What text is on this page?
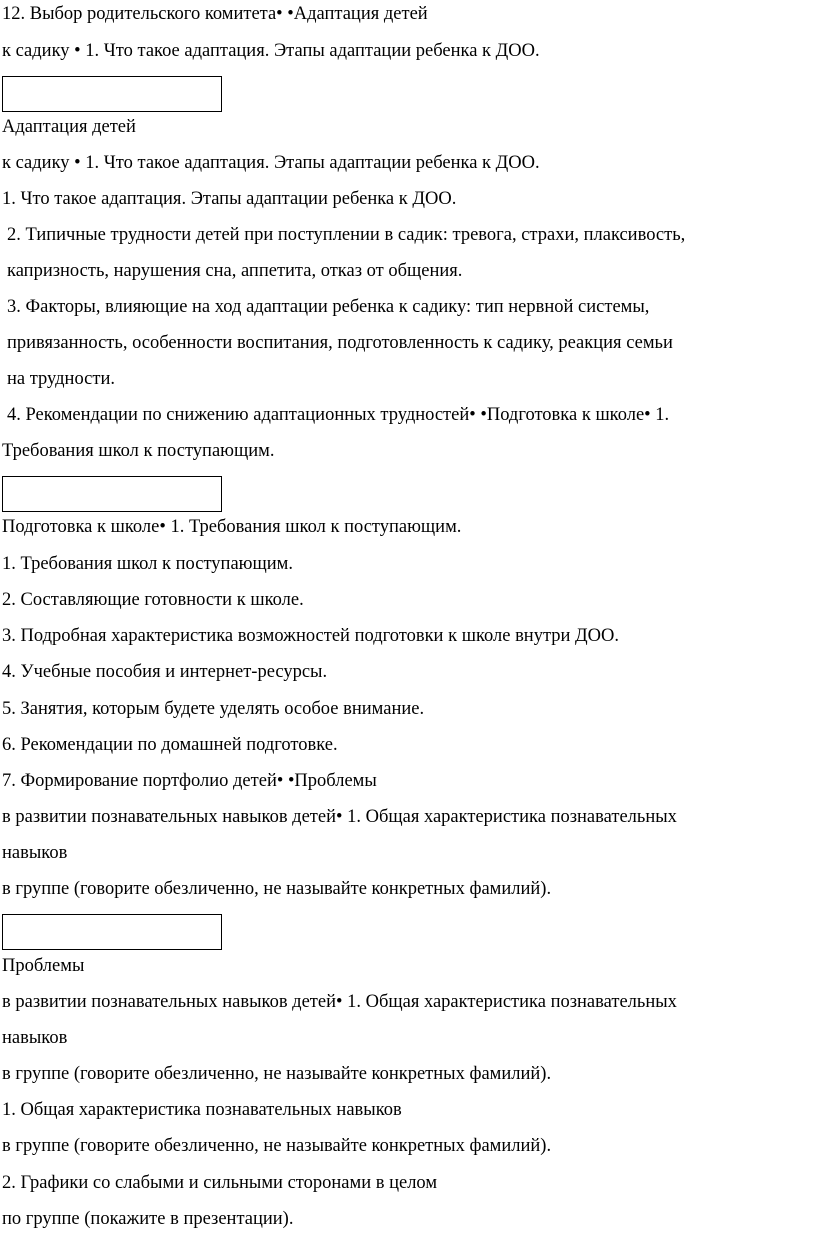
12. Выбор родительского комитета• •Адаптация детей
к садику • 1. Что такое адаптация. Этапы адаптации ребенка к ДОО.
Адаптация детей
к садику • 1. Что такое адаптация. Этапы адаптации ребенка к ДОО.
1. Что такое адаптация. Этапы адаптации ребенка к ДОО.
2. Типичные трудности детей при поступлении в садик: тревога, страхи, плаксивость,
капризность, нарушения сна, аппетита, отказ от общения.
3. Факторы, влияющие на ход адаптации ребенка к садику: тип нервной системы,
привязанность, особенности воспитания, подготовленность к садику, реакция семьи
на трудности.
4. Рекомендации по снижению адаптационных трудностей• •Подготовка к школе• 1.
Требования школ к поступающим.
Подготовка к школе• 1. Требования школ к поступающим.
1. Требования школ к поступающим.
2. Составляющие готовности к школе.
3. Подробная характеристика возможностей подготовки к школе внутри ДОО.
4. Учебные пособия и интернет-ресурсы.
5. Занятия, которым будете уделять особое внимание.
6. Рекомендации по домашней подготовке.
7. Формирование портфолио детей• •Проблемы
в развитии познавательных навыков детей• 1. Общая характеристика познавательных
навыков
в группе (говорите обезличенно, не называйте конкретных фамилий).
Проблемы
в развитии познавательных навыков детей• 1. Общая характеристика познавательных
навыков
в группе (говорите обезличенно, не называйте конкретных фамилий).
1. Общая характеристика познавательных навыков
в группе (говорите обезличенно, не называйте конкретных фамилий).
2. Графики со слабыми и сильными сторонами в целом
по группе (покажите в презентации).
